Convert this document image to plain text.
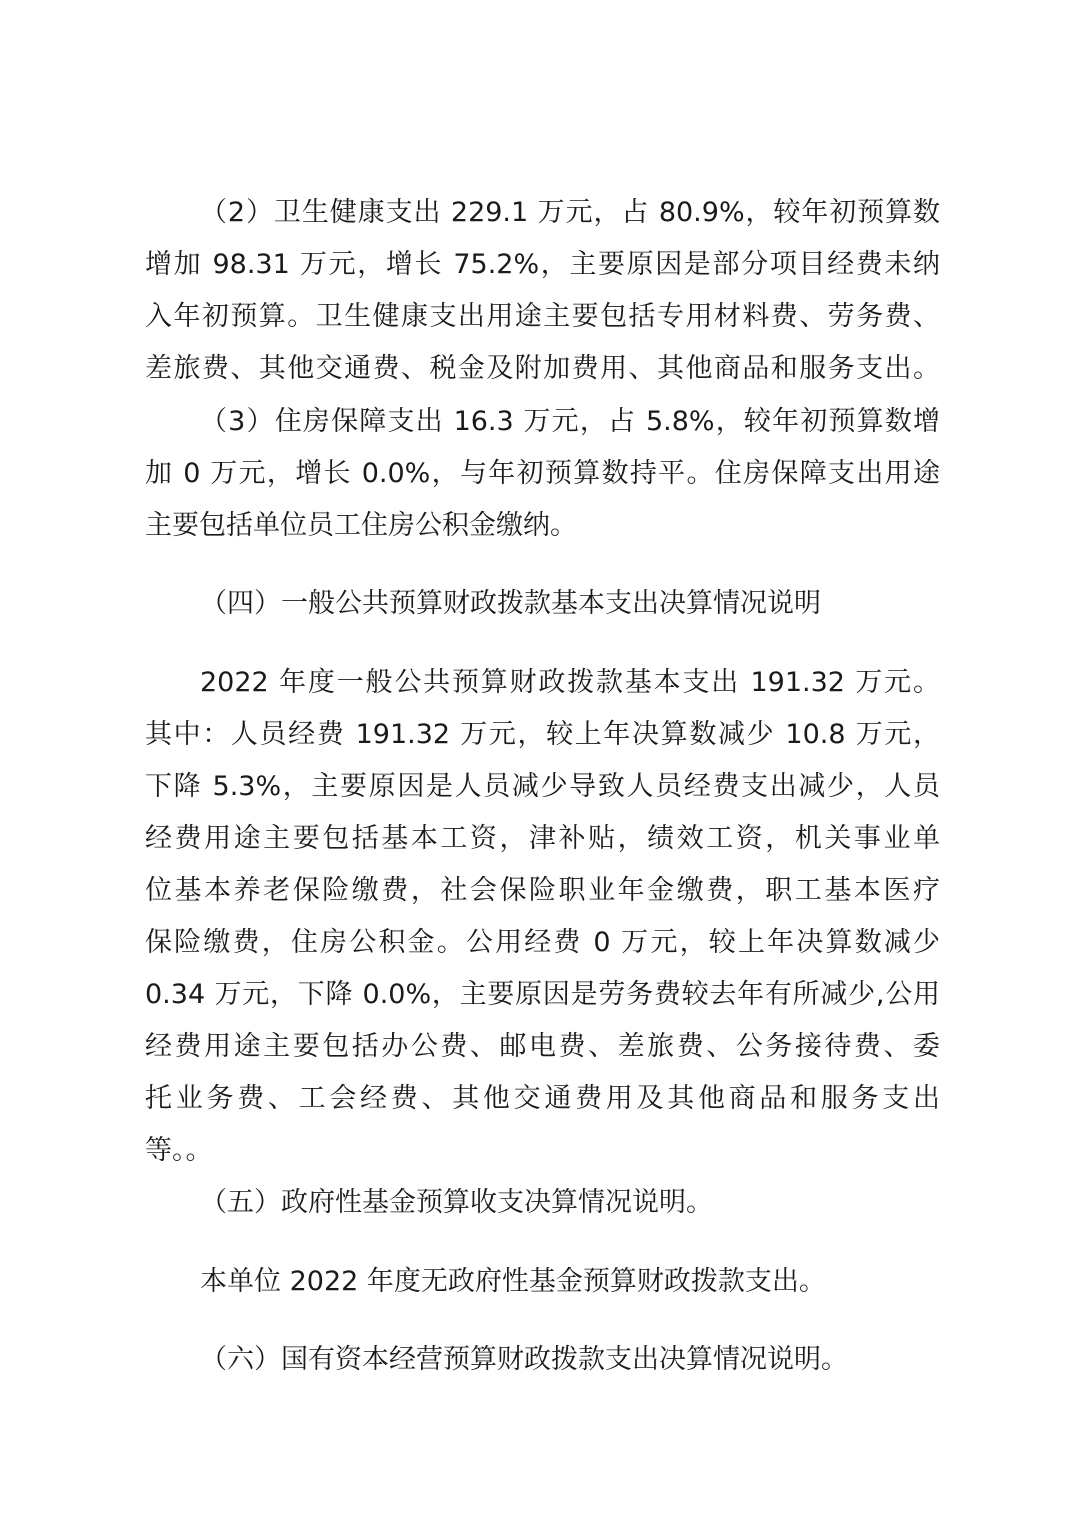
（2）卫生健康支出 229.1 万元，占 80.9%，较年初预算数
增加 98.31 万元，增长 75.2%，主要原因是部分项目经费未纳
入年初预算。卫生健康支出用途主要包括专用材料费、劳务费、
差旅费、其他交通费、税金及附加费用、其他商品和服务支出。
（3）住房保障支出 16.3 万元，占 5.8%，较年初预算数增
加 0 万元，增长 0.0%，与年初预算数持平。住房保障支出用途
主要包括单位员工住房公积金缴纳。
（四）一般公共预算财政拨款基本支出决算情况说明
2022 年度一般公共预算财政拨款基本支出 191.32 万元。
其中：人员经费 191.32 万元，较上年决算数减少 10.8 万元，
下降 5.3%，主要原因是人员减少导致人员经费支出减少，人员
经费用途主要包括基本工资，津补贴，绩效工资，机关事业单
位基本养老保险缴费，社会保险职业年金缴费，职工基本医疗
保险缴费，住房公积金。公用经费 0 万元，较上年决算数减少
0.34 万元，下降 0.0%，主要原因是劳务费较去年有所减少,公用
经费用途主要包括办公费、邮电费、差旅费、公务接待费、委
托业务费、工会经费、其他交通费用及其他商品和服务支出
等。。
（五）政府性基金预算收支决算情况说明。
本单位 2022 年度无政府性基金预算财政拨款支出。
（六）国有资本经营预算财政拨款支出决算情况说明。
